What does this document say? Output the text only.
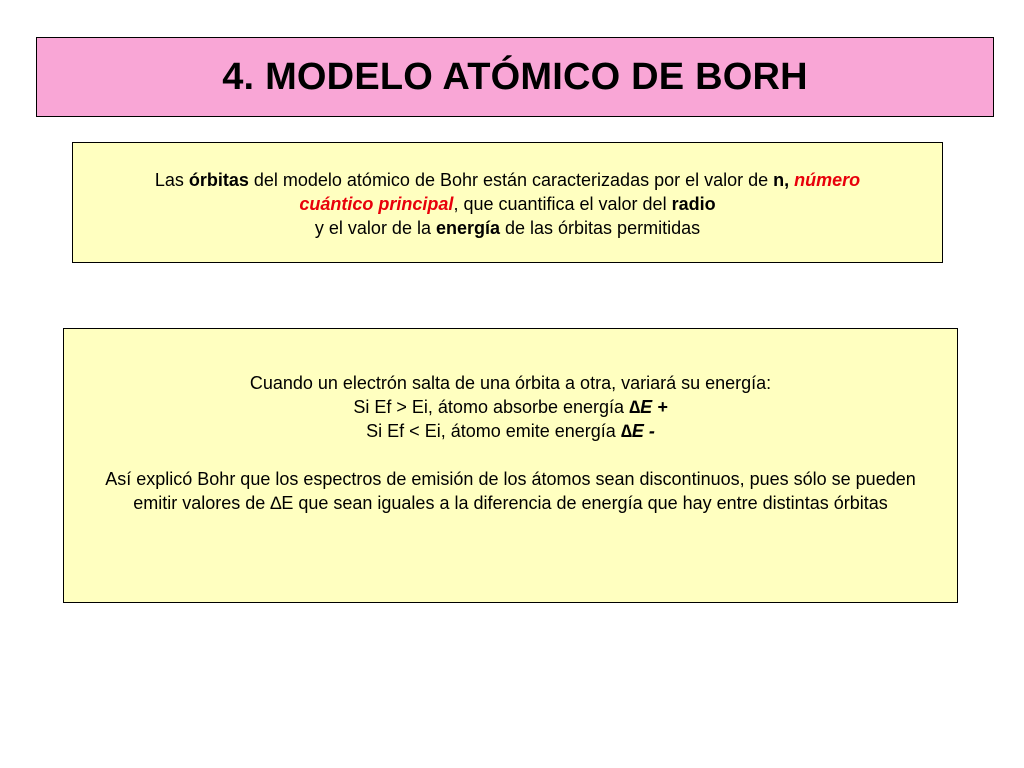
4. MODELO ATÓMICO DE BORH
Las órbitas del modelo atómico de Bohr están caracterizadas por el valor de n, número
cuántico principal, que cuantifica el valor del radio
y el valor de la energía de las órbitas permitidas
Cuando un electrón salta de una órbita a otra, variará su energía:
Si Ef > Ei, átomo absorbe energía ∆E +
Si Ef < Ei, átomo emite energía ∆E -
Así explicó Bohr que los espectros de emisión de los átomos sean discontinuos, pues sólo se pueden emitir valores de ∆E que sean iguales a la diferencia de energía que hay entre distintas órbitas
